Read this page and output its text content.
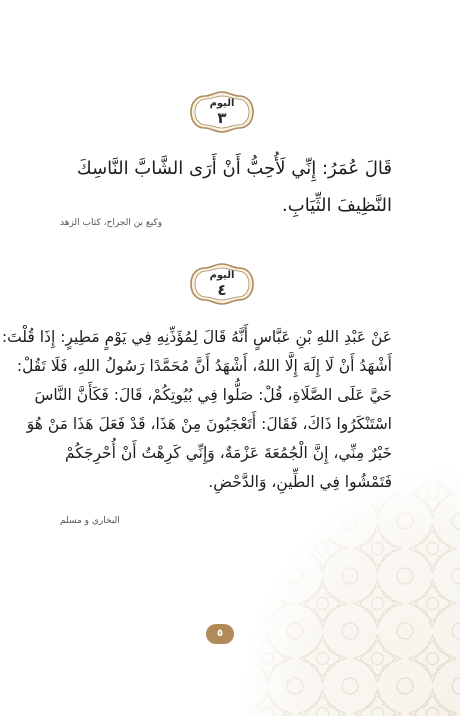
اليوم
٣
قَالَ عُمَرُ: إِنِّي لَأُحِبُّ أَنْ أَرَى الشَّابَّ النَّاسِكَ
النَّظِيفَ الثِّيَابِ.
وكيع بن الجراح، كتاب الزهد
اليوم
٤
عَنْ عَبْدِ اللهِ بْنِ عَبَّاسٍ أَنَّهُ قَالَ لِمُؤَذِّنِهِ فِي يَوْمٍ مَطِيرٍ: إِذَا قُلْتَ:
أَشْهَدُ أَنْ لَا إِلَهَ إِلَّا اللهُ، أَشْهَدُ أَنَّ مُحَمَّدًا رَسُولُ اللهِ، فَلَا تَقُلْ:
حَيَّ عَلَى الصَّلَاةِ، قُلْ: صَلُّوا فِي بُيُوتِكُمْ، قَالَ: فَكَأَنَّ النَّاسَ
اسْتَنْكَرُوا ذَاكَ، فَقَالَ: أَتَعْجَبُونَ مِنْ هَذَا، قَدْ فَعَلَ هَذَا مَنْ هُوَ
خَيْرٌ مِنِّي، إِنَّ الْجُمُعَةَ عَزْمَةٌ، وَإِنِّي كَرِهْتُ أَنْ أُحْرِجَكُمْ
فَتَمْشُوا فِي الطِّينِ، وَالدَّحْضِ.
البخاري و مسلم
٥
